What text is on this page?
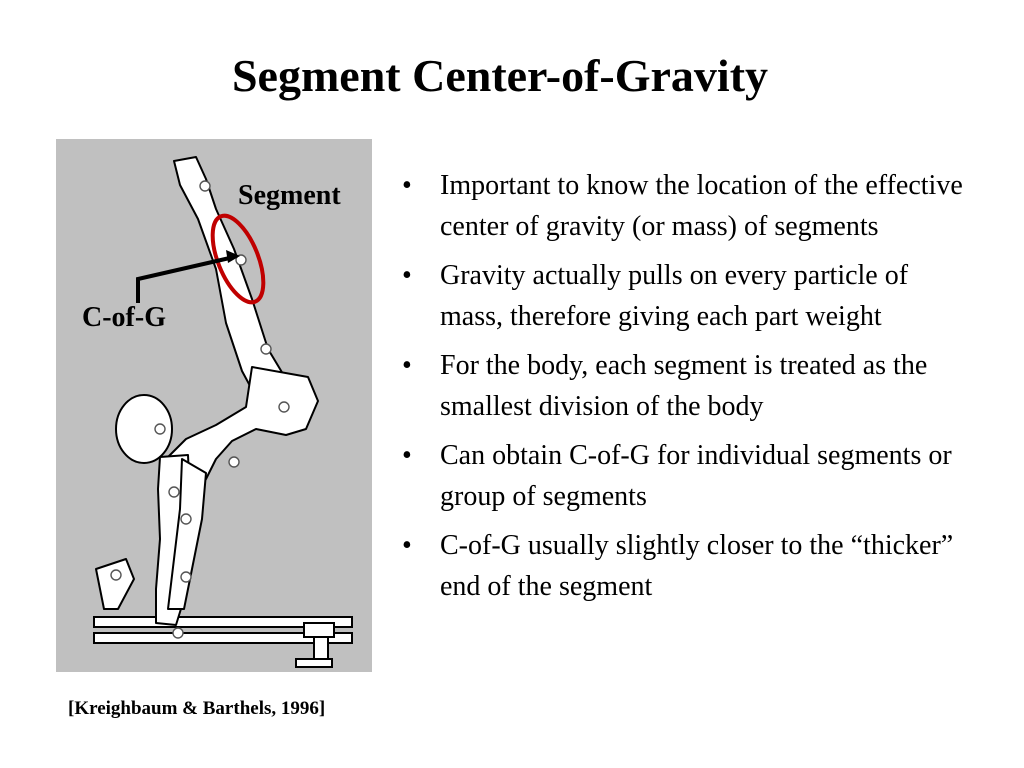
Segment Center-of-Gravity
Segment
C-of-G
[Kreighbaum & Barthels, 1996]
•	Important to know the location of the effective center of gravity (or mass) of segments
•	Gravity actually pulls on every particle of mass, therefore giving each part weight
•	For the body, each segment is treated as the smallest division of the body
•	Can obtain C-of-G for individual segments or group of segments
•	C-of-G usually slightly closer to the “thicker” end of the segment
